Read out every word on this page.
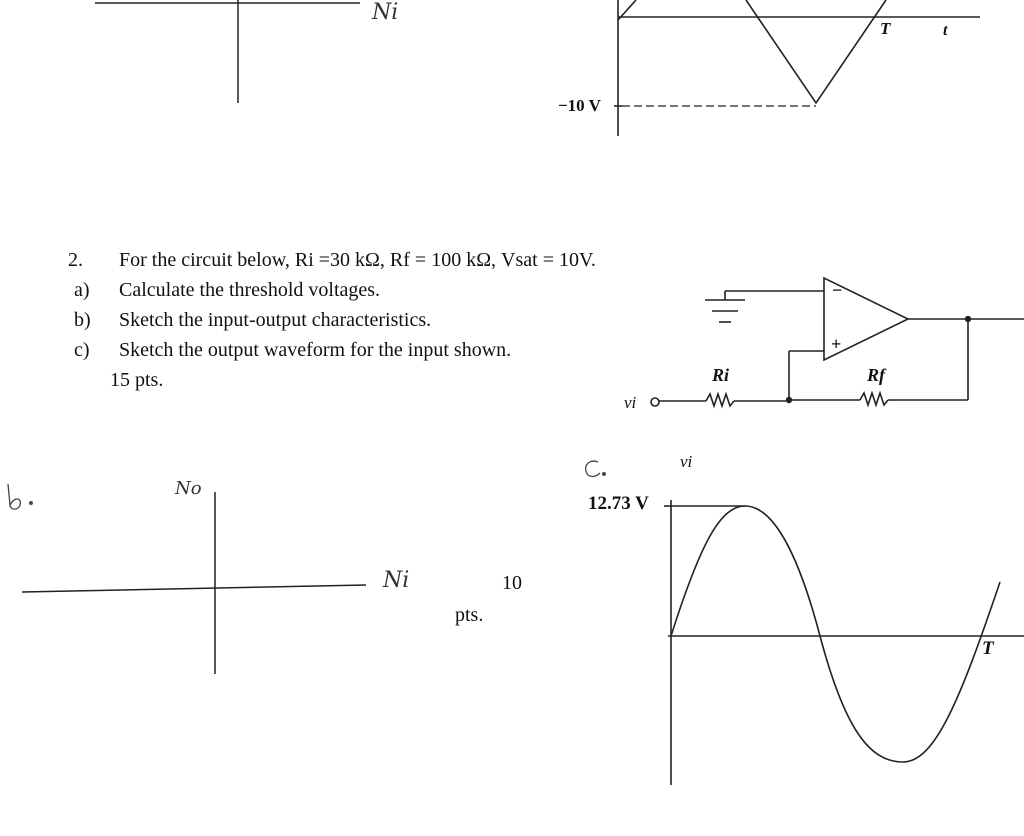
Ni
−10 V
T	t
2. For the circuit below, Ri =30 kΩ, Rf = 100 kΩ, Vsat = 10V.
a) Calculate the threshold voltages.
b) Sketch the input-output characteristics.
c) Sketch the output waveform for the input shown.
15 pts.
−
+
Ri	Rf
vi
No
Ni	10
pts.
vi
12.73 V
T
